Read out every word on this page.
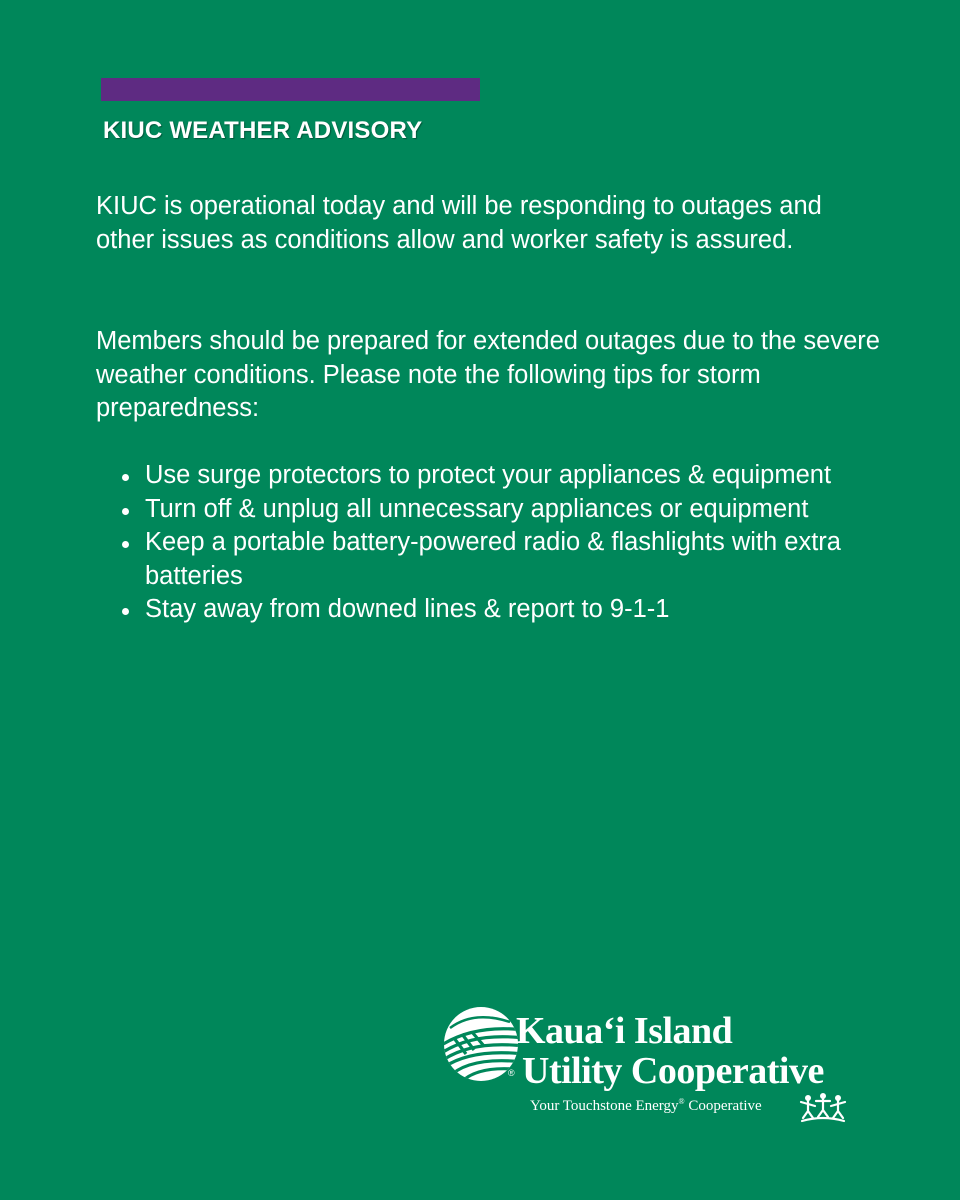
KIUC WEATHER ADVISORY

KIUC is operational today and will be responding to outages and other issues as conditions allow and worker safety is assured.

Members should be prepared for extended outages due to the severe weather conditions. Please note the following tips for storm preparedness:

Use surge protectors to protect your appliances & equipment
Turn off & unplug all unnecessary appliances or equipment
Keep a portable battery-powered radio & flashlights with extra batteries
Stay away from downed lines & report to 9-1-1
®
Kauaʻi Island
Utility Cooperative
Your Touchstone Energy® Cooperative
